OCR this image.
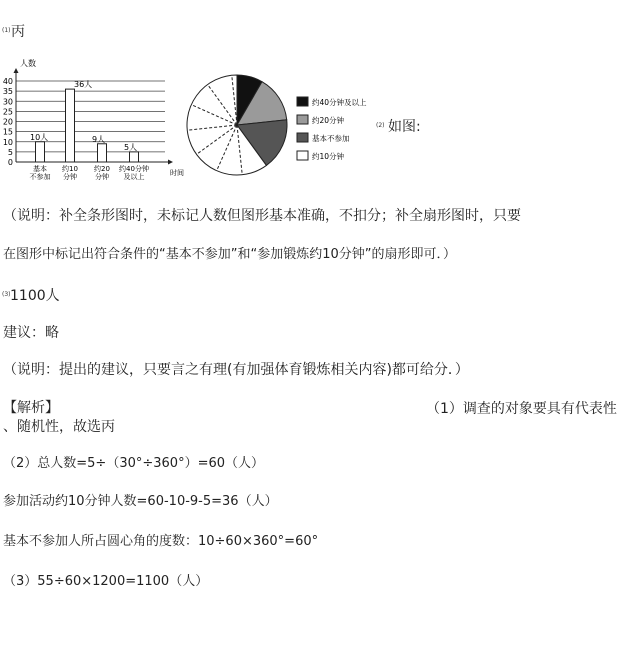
(1) 丙
0
5
10
15
20
25
30
35
40
10人
基本
不参加
36人
约10
分钟
9人
约20
分钟
5人
约40分钟
及以上
人数
时间
约40分钟及以上
约20分钟
基本不参加
约10分钟
(2) 如图:
（说明：补全条形图时，未标记人数但图形基本准确，不扣分；补全扇形图时，只要
在图形中标记出符合条件的“基本不参加”和“参加锻炼约10分钟”的扇形即可．）
(3) 1100人
建议：略
（说明：提出的建议，只要言之有理(有加强体育锻炼相关内容)都可给分．）
【解析】	（1）调查的对象要具有代表性
、随机性，故选丙
（2）总人数=5÷（30°÷360°）=60（人）
参加活动约10分钟人数=60-10-9-5=36（人）
基本不参加人所占圆心角的度数：10÷60×360°=60°
（3）55÷60×1200=1100（人）
